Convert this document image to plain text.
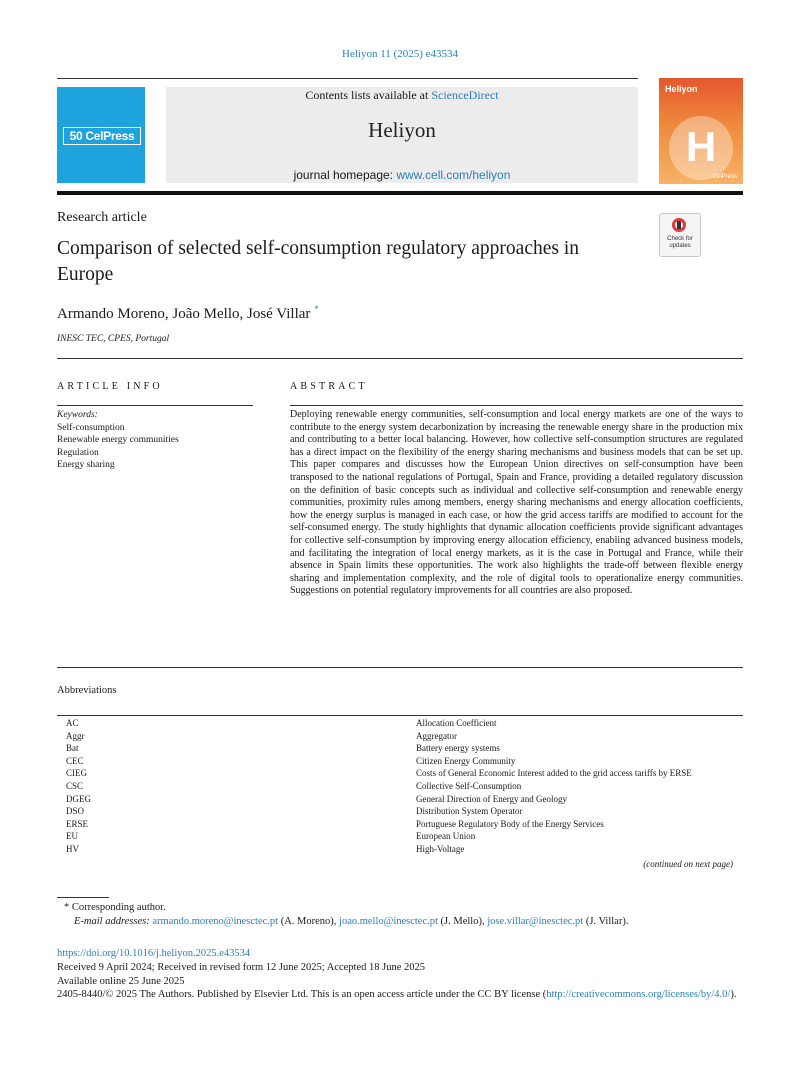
Heliyon 11 (2025) e43534
50 CelPress
Contents lists available at ScienceDirect
Heliyon
journal homepage: www.cell.com/heliyon
Heliyon
H
CelPress
Research article
Comparison of selected self-consumption regulatory approaches in Europe
Check for updates
Armando Moreno, João Mello, José Villar *
INESC TEC, CPES, Portugal
ARTICLE INFO	ABSTRACT
Keywords:
Self-consumption
Renewable energy communities
Regulation
Energy sharing

Deploying renewable energy communities, self-consumption and local energy markets are one of the ways to contribute to the energy system decarbonization by increasing the renewable energy share in the production mix and contributing to a better local balancing. However, how collective self-consumption structures are regulated has a direct impact on the flexibility of the energy sharing mechanisms and business models that can be set up. This paper compares and discusses how the European Union directives on self-consumption have been transposed to the national regulations of Portugal, Spain and France, providing a detailed regulatory discussion on the definition of basic concepts such as individual and collective self-consumption and renewable energy communities, proximity rules among members, energy sharing mechanisms and energy allocation coefficients, how the energy surplus is managed in each case, or how the grid access tariffs are modified to account for the self-consumed energy. The study highlights that dynamic allocation coefficients provide significant advantages for collective self-consumption by improving energy allocation efficiency, enabling advanced business models, and facilitating the integration of local energy markets, as it is the case in Portugal and France, while their absence in Spain limits these opportunities. The work also highlights the trade-off between flexible energy sharing and implementation complexity, and the role of digital tools to operationalize energy communities. Suggestions on potential regulatory improvements for all countries are also proposed.

Abbreviations
AC	Allocation Coefficient
Aggr	Aggregator
Bat	Battery energy systems
CEC	Citizen Energy Community
CIEG	Costs of General Economic Interest added to the grid access tariffs by ERSE
CSC	Collective Self-Consumption
DGEG	General Direction of Energy and Geology
DSO	Distribution System Operator
ERSE	Portuguese Regulatory Body of the Energy Services
EU	European Union
HV	High-Voltage
(continued on next page)
* Corresponding author.
E-mail addresses: armando.moreno@inesctec.pt (A. Moreno), joao.mello@inesctec.pt (J. Mello), jose.villar@inesctec.pt (J. Villar).
https://doi.org/10.1016/j.heliyon.2025.e43534
Received 9 April 2024; Received in revised form 12 June 2025; Accepted 18 June 2025
Available online 25 June 2025
2405-8440/© 2025 The Authors. Published by Elsevier Ltd. This is an open access article under the CC BY license (http://creativecommons.org/licenses/by/4.0/).
